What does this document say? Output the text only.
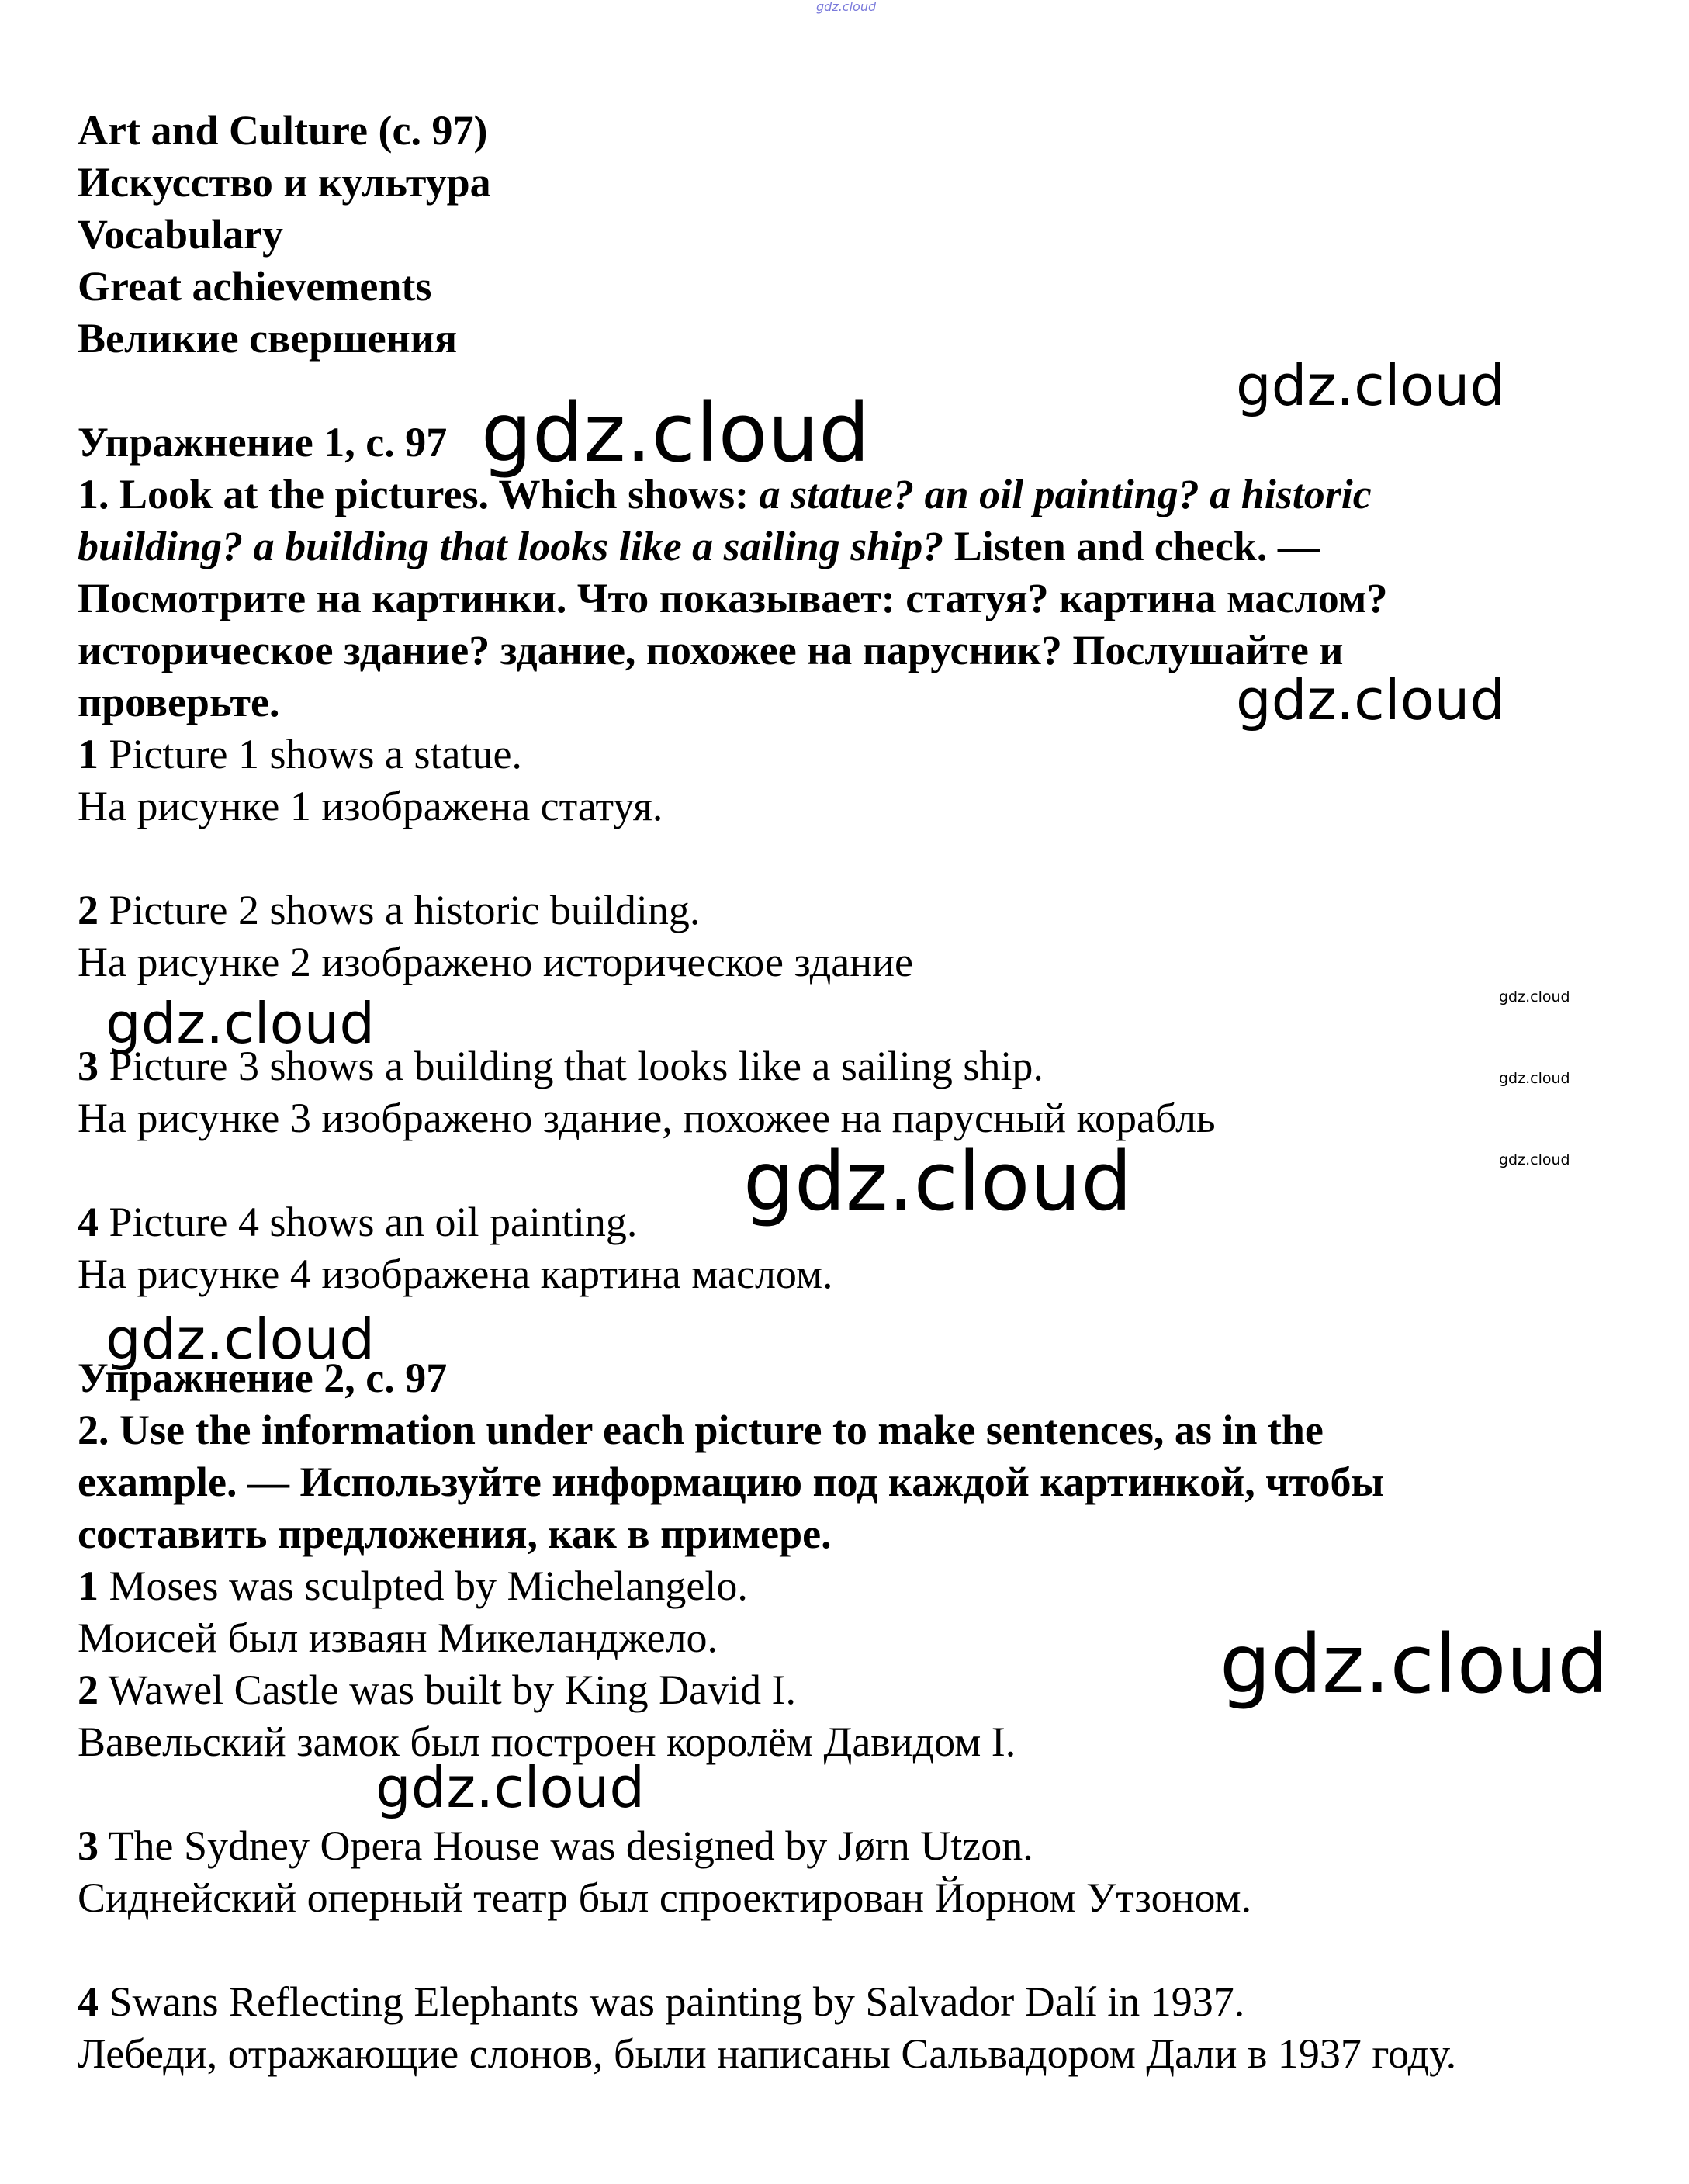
Art and Culture (с. 97)
Искусство и культура
Vocabulary
Great achievements
Великие свершения
Упражнение 1, с. 97
1. Look at the pictures. Which shows: a statue? an oil painting? a historic
building? a building that looks like a sailing ship? Listen and check. —
Посмотрите на картинки. Что показывает: статуя? картина маслом?
историческое здание? здание, похожее на парусник? Послушайте и
проверьте.
1 Picture 1 shows a statue.
На рисунке 1 изображена статуя.
2 Picture 2 shows a historic building.
На рисунке 2 изображено историческое здание
3 Picture 3 shows a building that looks like a sailing ship.
На рисунке 3 изображено здание, похожее на парусный корабль
4 Picture 4 shows an oil painting.
На рисунке 4 изображена картина маслом.
Упражнение 2, с. 97
2. Use the information under each picture to make sentences, as in the
example. — Используйте информацию под каждой картинкой, чтобы
составить предложения, как в примере.
1 Moses was sculpted by Michelangelo.
Моисей был изваян Микеланджело.
2 Wawel Castle was built by King David I.
Вавельский замок был построен королём Давидом I.
3 The Sydney Opera House was designed by Jørn Utzon.
Сиднейский оперный театр был спроектирован Йорном Утзоном.
4 Swans Reflecting Elephants was painting by Salvador Dalí in 1937.
Лебеди, отражающие слонов, были написаны Сальвадором Дали в 1937 году.
gdz.cloud
gdz.cloud
gdz.cloud
gdz.cloud
gdz.cloud
gdz.cloud
gdz.cloud
gdz.cloud
gdz.cloud
gdz.cloud
gdz.cloud
gdz.cloud
